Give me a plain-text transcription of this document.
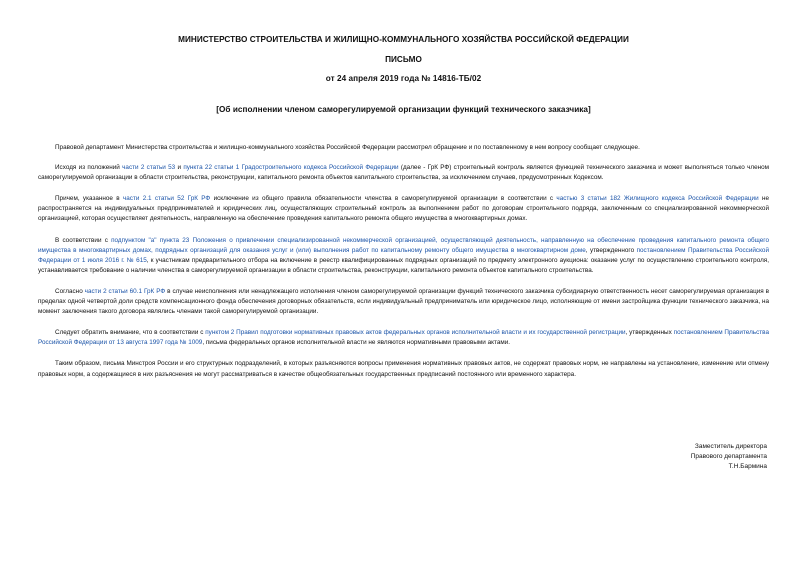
МИНИСТЕРСТВО СТРОИТЕЛЬСТВА И ЖИЛИЩНО-КОММУНАЛЬНОГО ХОЗЯЙСТВА РОССИЙСКОЙ ФЕДЕРАЦИИ
ПИСЬМО
от 24 апреля 2019 года № 14816-ТБ/02
[Об исполнении членом саморегулируемой организации функций технического заказчика]

Правовой департамент Министерства строительства и жилищно-коммунального хозяйства Российской Федерации рассмотрел обращение и по поставленному в нем вопросу сообщает следующее.

Исходя из положений части 2 статьи 53 и пункта 22 статьи 1 Градостроительного кодекса Российской Федерации (далее - ГрК РФ) строительный контроль является функцией технического заказчика и может выполняться только членом саморегулируемой организации в области строительства, реконструкции, капитального ремонта объектов капитального строительства, за исключением случаев, предусмотренных Кодексом.

Причем, указанное в части 2.1 статьи 52 ГрК РФ исключение из общего правила обязательности членства в саморегулируемой организации в соответствии с частью 3 статьи 182 Жилищного кодекса Российской Федерации не распространяется на индивидуальных предпринимателей и юридических лиц, осуществляющих строительный контроль за выполнением работ по договорам строительного подряда, заключенным со специализированной некоммерческой организацией, которая осуществляет деятельность, направленную на обеспечение проведения капитального ремонта общего имущества в многоквартирных домах.

В соответствии с подпунктом "а" пункта 23 Положения о привлечении специализированной некоммерческой организацией, осуществляющей деятельность, направленную на обеспечение проведения капитального ремонта общего имущества в многоквартирных домах, подрядных организаций для оказания услуг и (или) выполнения работ по капитальному ремонту общего имущества в многоквартирном доме, утвержденного постановлением Правительства Российской Федерации от 1 июля 2016 г. № 615, к участникам предварительного отбора на включение в реестр квалифицированных подрядных организаций по предмету электронного аукциона: оказание услуг по осуществлению строительного контроля, устанавливается требование о наличии членства в саморегулируемой организации в области строительства, реконструкции, капитального ремонта объектов капитального строительства.

Согласно части 2 статьи 60.1 ГрК РФ в случае неисполнения или ненадлежащего исполнения членом саморегулируемой организации функций технического заказчика субсидиарную ответственность несет саморегулируемая организация в пределах одной четвертой доли средств компенсационного фонда обеспечения договорных обязательств, если индивидуальный предприниматель или юридическое лицо, исполняющие от имени застройщика функции технического заказчика, на момент заключения такого договора являлись членами такой саморегулируемой организации.

Следует обратить внимание, что в соответствии с пунктом 2 Правил подготовки нормативных правовых актов федеральных органов исполнительной власти и их государственной регистрации, утвержденных постановлением Правительства Российской Федерации от 13 августа 1997 года № 1009, письма федеральных органов исполнительной власти не являются нормативными правовыми актами.

Таким образом, письма Минстроя России и его структурных подразделений, в которых разъясняются вопросы применения нормативных правовых актов, не содержат правовых норм, не направлены на установление, изменение или отмену правовых норм, а содержащиеся в них разъяснения не могут рассматриваться в качестве общеобязательных государственных предписаний постоянного или временного характера.

Заместитель директора
Правового департамента
Т.Н.Бармина
